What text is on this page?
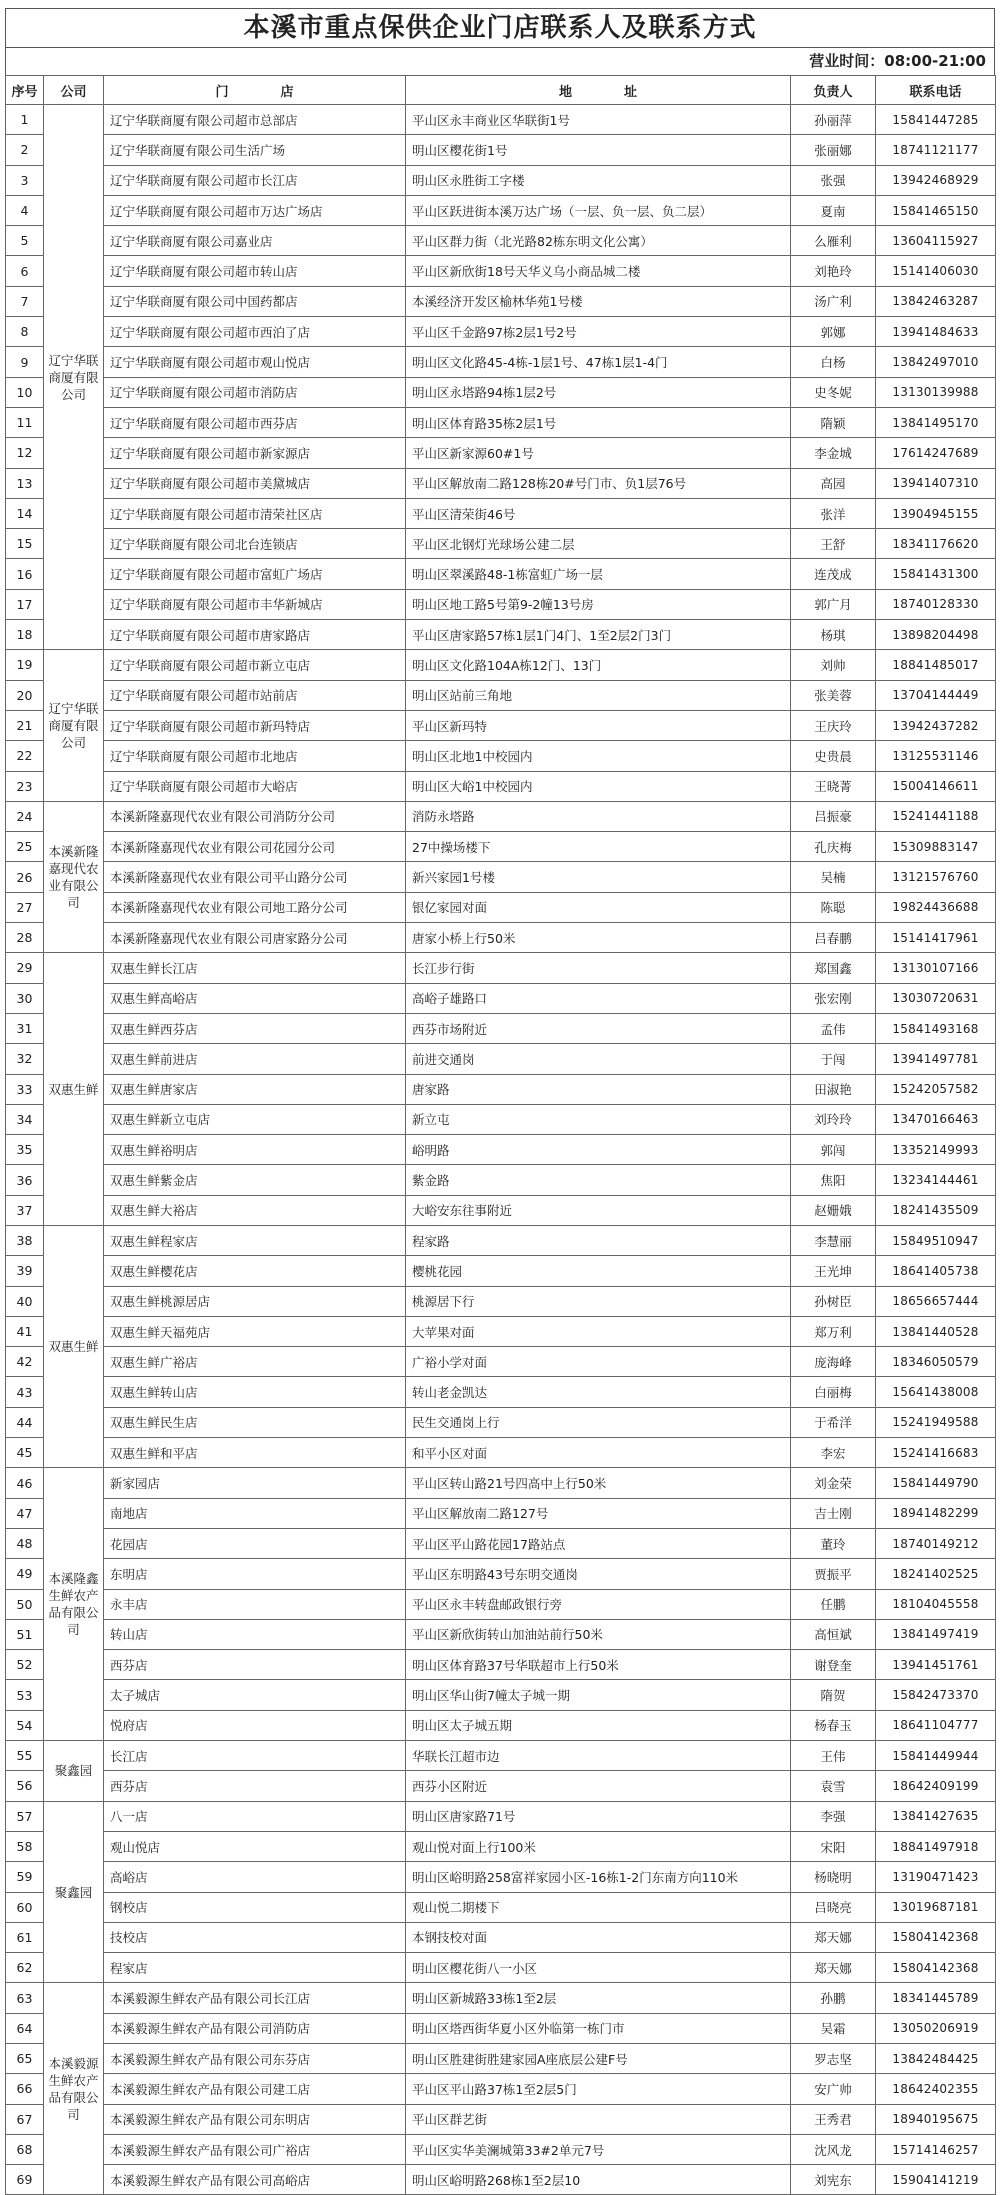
本溪市重点保供企业门店联系人及联系方式
营业时间：08:00-21:00
序号	公司	门　　　　店	地　　　　址	负责人	联系电话
1	辽宁华联商厦有限公司	辽宁华联商厦有限公司超市总部店	平山区永丰商业区华联街1号	孙丽萍	15841447285
2		辽宁华联商厦有限公司生活广场	明山区樱花街1号	张丽娜	18741121177
3		辽宁华联商厦有限公司超市长江店	明山区永胜街工字楼	张强	13942468929
4		辽宁华联商厦有限公司超市万达广场店	平山区跃进街本溪万达广场（一层、负一层、负二层）	夏南	15841465150
5		辽宁华联商厦有限公司嘉业店	平山区群力街（北光路82栋东明文化公寓）	么雁利	13604115927
6		辽宁华联商厦有限公司超市转山店	平山区新欣街18号天华义乌小商品城二楼	刘艳玲	15141406030
7		辽宁华联商厦有限公司中国药都店	本溪经济开发区榆林华苑1号楼	汤广利	13842463287
8		辽宁华联商厦有限公司超市西泊了店	平山区千金路97栋2层1号2号	郭娜	13941484633
9		辽宁华联商厦有限公司超市观山悦店	明山区文化路45-4栋-1层1号、47栋1层1-4门	白杨	13842497010
10		辽宁华联商厦有限公司超市消防店	明山区永塔路94栋1层2号	史冬妮	13130139988
11		辽宁华联商厦有限公司超市西芬店	明山区体育路35栋2层1号	隋颖	13841495170
12		辽宁华联商厦有限公司超市新家源店	平山区新家源60#1号	李金城	17614247689
13		辽宁华联商厦有限公司超市美黛城店	平山区解放南二路128栋20#号门市、负1层76号	高园	13941407310
14		辽宁华联商厦有限公司超市清荣社区店	平山区清荣街46号	张洋	13904945155
15		辽宁华联商厦有限公司北台连锁店	平山区北钢灯光球场公建二层	王舒	18341176620
16		辽宁华联商厦有限公司超市富虹广场店	明山区翠溪路48-1栋富虹广场一层	连茂成	15841431300
17		辽宁华联商厦有限公司超市丰华新城店	明山区地工路5号第9-2幢13号房	郭广月	18740128330
18		辽宁华联商厦有限公司超市唐家路店	平山区唐家路57栋1层1门4门、1至2层2门3门	杨琪	13898204498
19	辽宁华联商厦有限公司	辽宁华联商厦有限公司超市新立屯店	明山区文化路104A栋12门、13门	刘帅	18841485017
20		辽宁华联商厦有限公司超市站前店	明山区站前三角地	张美蓉	13704144449
21		辽宁华联商厦有限公司超市新玛特店	平山区新玛特	王庆玲	13942437282
22		辽宁华联商厦有限公司超市北地店	明山区北地1中校园内	史贵晨	13125531146
23		辽宁华联商厦有限公司超市大峪店	明山区大峪1中校园内	王晓菁	15004146611
24	本溪新隆嘉现代农业有限公司	本溪新隆嘉现代农业有限公司消防分公司	消防永塔路	吕振豪	15241441188
25		本溪新隆嘉现代农业有限公司花园分公司	27中操场楼下	孔庆梅	15309883147
26		本溪新隆嘉现代农业有限公司平山路分公司	新兴家园1号楼	吴楠	13121576760
27		本溪新隆嘉现代农业有限公司地工路分公司	银亿家园对面	陈聪	19824436688
28		本溪新隆嘉现代农业有限公司唐家路分公司	唐家小桥上行50米	吕春鹏	15141417961
29	双惠生鲜	双惠生鲜长江店	长江步行街	郑国鑫	13130107166
30		双惠生鲜高峪店	高峪子雄路口	张宏刚	13030720631
31		双惠生鲜西芬店	西芬市场附近	孟伟	15841493168
32		双惠生鲜前进店	前进交通岗	于闯	13941497781
33		双惠生鲜唐家店	唐家路	田淑艳	15242057582
34		双惠生鲜新立屯店	新立屯	刘玲玲	13470166463
35		双惠生鲜裕明店	峪明路	郭闯	13352149993
36		双惠生鲜紫金店	紫金路	焦阳	13234144461
37		双惠生鲜大裕店	大峪安东往事附近	赵姗娥	18241435509
38	双惠生鲜	双惠生鲜程家店	程家路	李慧丽	15849510947
39		双惠生鲜樱花店	樱桃花园	王光坤	18641405738
40		双惠生鲜桃源居店	桃源居下行	孙树臣	18656657444
41		双惠生鲜天福苑店	大苹果对面	郑万利	13841440528
42		双惠生鲜广裕店	广裕小学对面	庞海峰	18346050579
43		双惠生鲜转山店	转山老金凯达	白丽梅	15641438008
44		双惠生鲜民生店	民生交通岗上行	于希洋	15241949588
45		双惠生鲜和平店	和平小区对面	李宏	15241416683
46	本溪隆鑫生鲜农产品有限公司	新家园店	平山区转山路21号四高中上行50米	刘金荣	15841449790
47		南地店	平山区解放南二路127号	吉士刚	18941482299
48		花园店	平山区平山路花园17路站点	董玲	18740149212
49		东明店	平山区东明路43号东明交通岗	贾振平	18241402525
50		永丰店	平山区永丰转盘邮政银行旁	任鹏	18104045558
51		转山店	平山区新欣街转山加油站前行50米	高恒斌	13841497419
52		西芬店	明山区体育路37号华联超市上行50米	谢登奎	13941451761
53		太子城店	明山区华山街7幢太子城一期	隋贺	15842473370
54		悦府店	明山区太子城五期	杨春玉	18641104777
55	聚鑫园	长江店	华联长江超市边	王伟	15841449944
56		西芬店	西芬小区附近	袁雪	18642409199
57	聚鑫园	八一店	明山区唐家路71号	李强	13841427635
58		观山悦店	观山悦对面上行100米	宋阳	18841497918
59		高峪店	明山区峪明路258富祥家园小区-16栋1-2门东南方向110米	杨晓明	13190471423
60		钢校店	观山悦二期楼下	吕晓亮	13019687181
61		技校店	本钢技校对面	郑天娜	15804142368
62		程家店	明山区樱花街八一小区	郑天娜	15804142368
63	本溪毅源生鲜农产品有限公司	本溪毅源生鲜农产品有限公司长江店	明山区新城路33栋1至2层	孙鹏	18341445789
64		本溪毅源生鲜农产品有限公司消防店	明山区塔西街华夏小区外临第一栋门市	吴霜	13050206919
65		本溪毅源生鲜农产品有限公司东芬店	明山区胜建街胜建家园A座底层公建F号	罗志坚	13842484425
66		本溪毅源生鲜农产品有限公司建工店	平山区平山路37栋1至2层5门	安广帅	18642402355
67		本溪毅源生鲜农产品有限公司东明店	平山区群艺街	王秀君	18940195675
68		本溪毅源生鲜农产品有限公司广裕店	平山区实华美澜城第33#2单元7号	沈风龙	15714146257
69		本溪毅源生鲜农产品有限公司高峪店	明山区峪明路268栋1至2层10	刘宪东	15904141219
